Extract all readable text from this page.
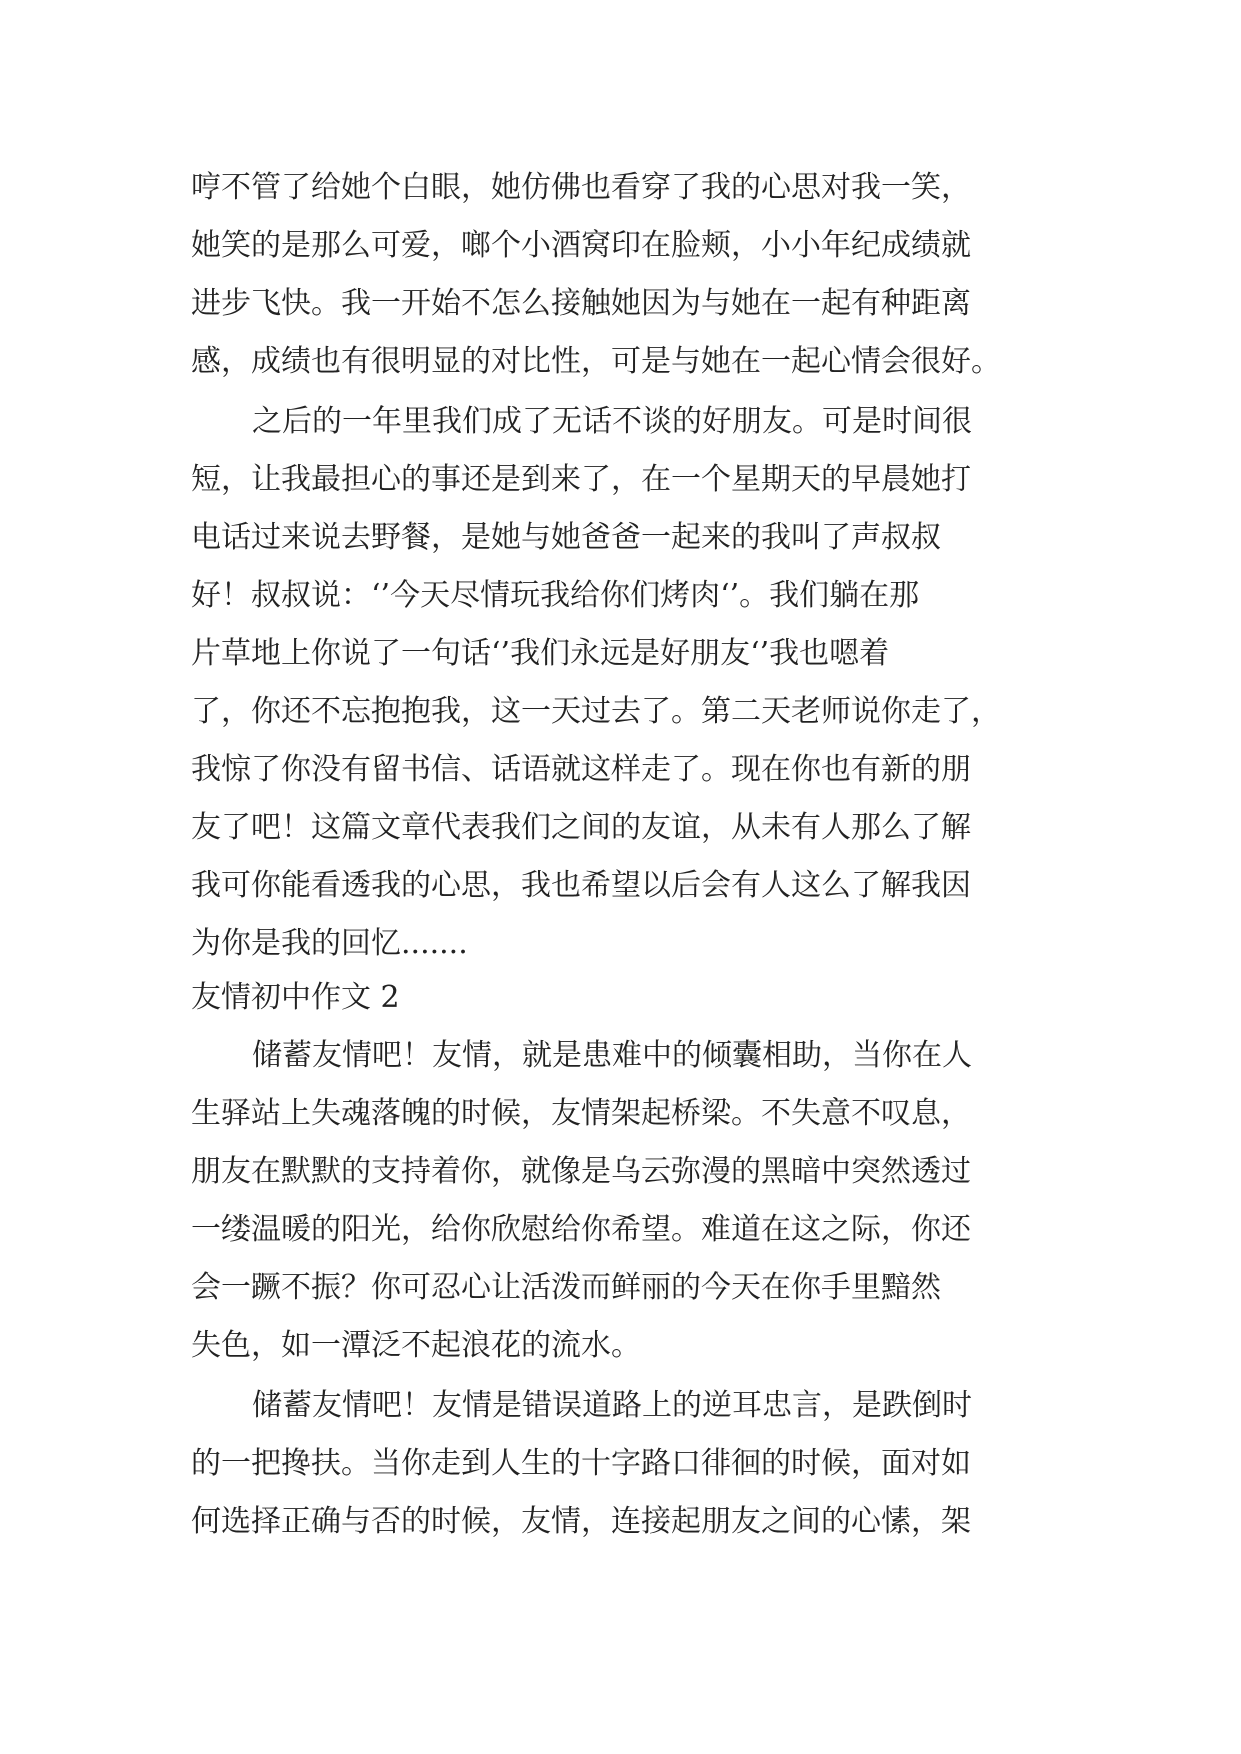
哼不管了给她个白眼，她仿佛也看穿了我的心思对我一笑，
她笑的是那么可爱，啷个小酒窝印在脸颊，小小年纪成绩就
进步飞快。我一开始不怎么接触她因为与她在一起有种距离
感，成绩也有很明显的对比性，可是与她在一起心情会很好。
之后的一年里我们成了无话不谈的好朋友。可是时间很
短，让我最担心的事还是到来了，在一个星期天的早晨她打
电话过来说去野餐，是她与她爸爸一起来的我叫了声叔叔
好！叔叔说：‘’今天尽情玩我给你们烤肉‘’。我们躺在那
片草地上你说了一句话‘’我们永远是好朋友‘’我也嗯着
了，你还不忘抱抱我，这一天过去了。第二天老师说你走了，
我惊了你没有留书信、话语就这样走了。现在你也有新的朋
友了吧！这篇文章代表我们之间的友谊，从未有人那么了解
我可你能看透我的心思，我也希望以后会有人这么了解我因
为你是我的回忆.......
友情初中作文 2
储蓄友情吧！友情，就是患难中的倾囊相助，当你在人
生驿站上失魂落魄的时候，友情架起桥梁。不失意不叹息，
朋友在默默的支持着你，就像是乌云弥漫的黑暗中突然透过
一缕温暖的阳光，给你欣慰给你希望。难道在这之际，你还
会一蹶不振？你可忍心让活泼而鲜丽的今天在你手里黯然
失色，如一潭泛不起浪花的流水。
储蓄友情吧！友情是错误道路上的逆耳忠言，是跌倒时
的一把搀扶。当你走到人生的十字路口徘徊的时候，面对如
何选择正确与否的时候，友情，连接起朋友之间的心愫，架
